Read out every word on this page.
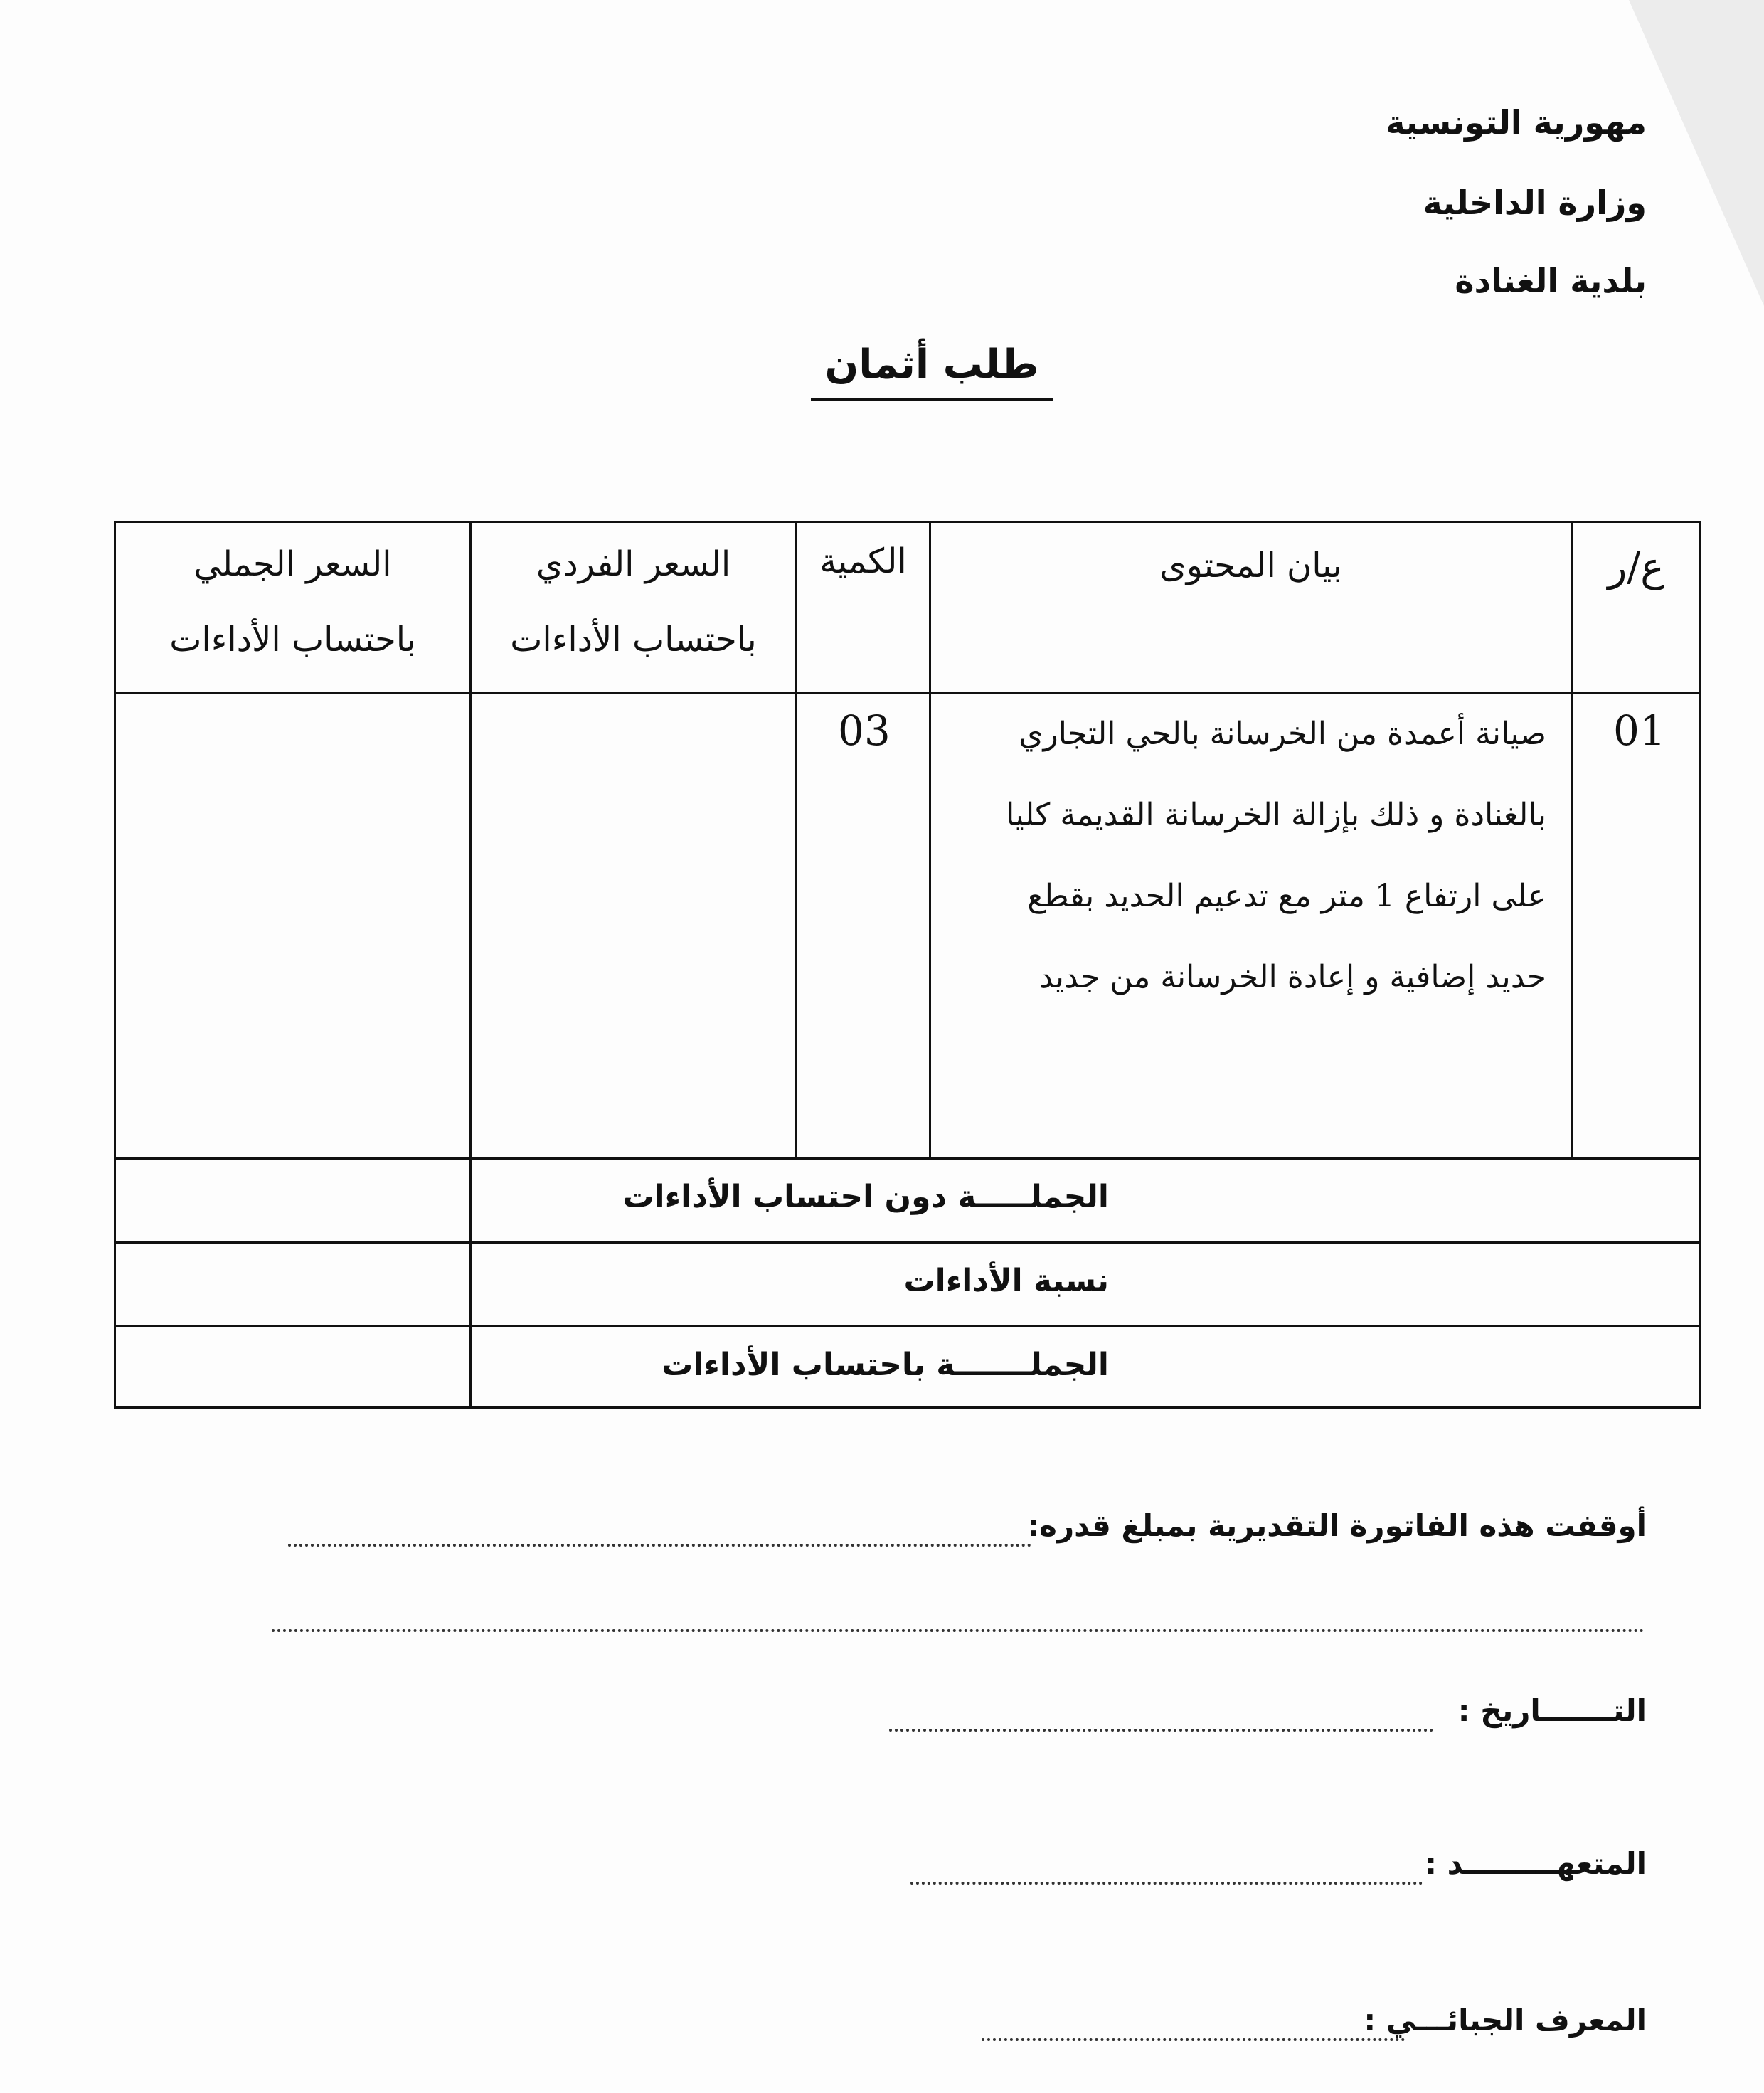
مهورية التونسية
وزارة الداخلية
بلدية الغنادة
طلب أثمان
ع/ر
بيان المحتوى
الكمية
السعر الفردي
باحتساب الأداءات
السعر الجملي
باحتساب الأداءات
01
03	صيانة أعمدة من الخرسانة بالحي التجاري
بالغنادة و ذلك بإزالة الخرسانة القديمة كليا
على ارتفاع 1 متر مع تدعيم الحديد بقطع
حديد إضافية و إعادة الخرسانة من جديد
الجملـــــة دون احتساب الأداءات
نسبة الأداءات
الجملـــــــة باحتساب الأداءات
أوقفت هذه الفاتورة التقديرية بمبلغ قدره:
التـــــــاريخ :
المتعهـــــــــد :
المعرف الجبائـــي :
